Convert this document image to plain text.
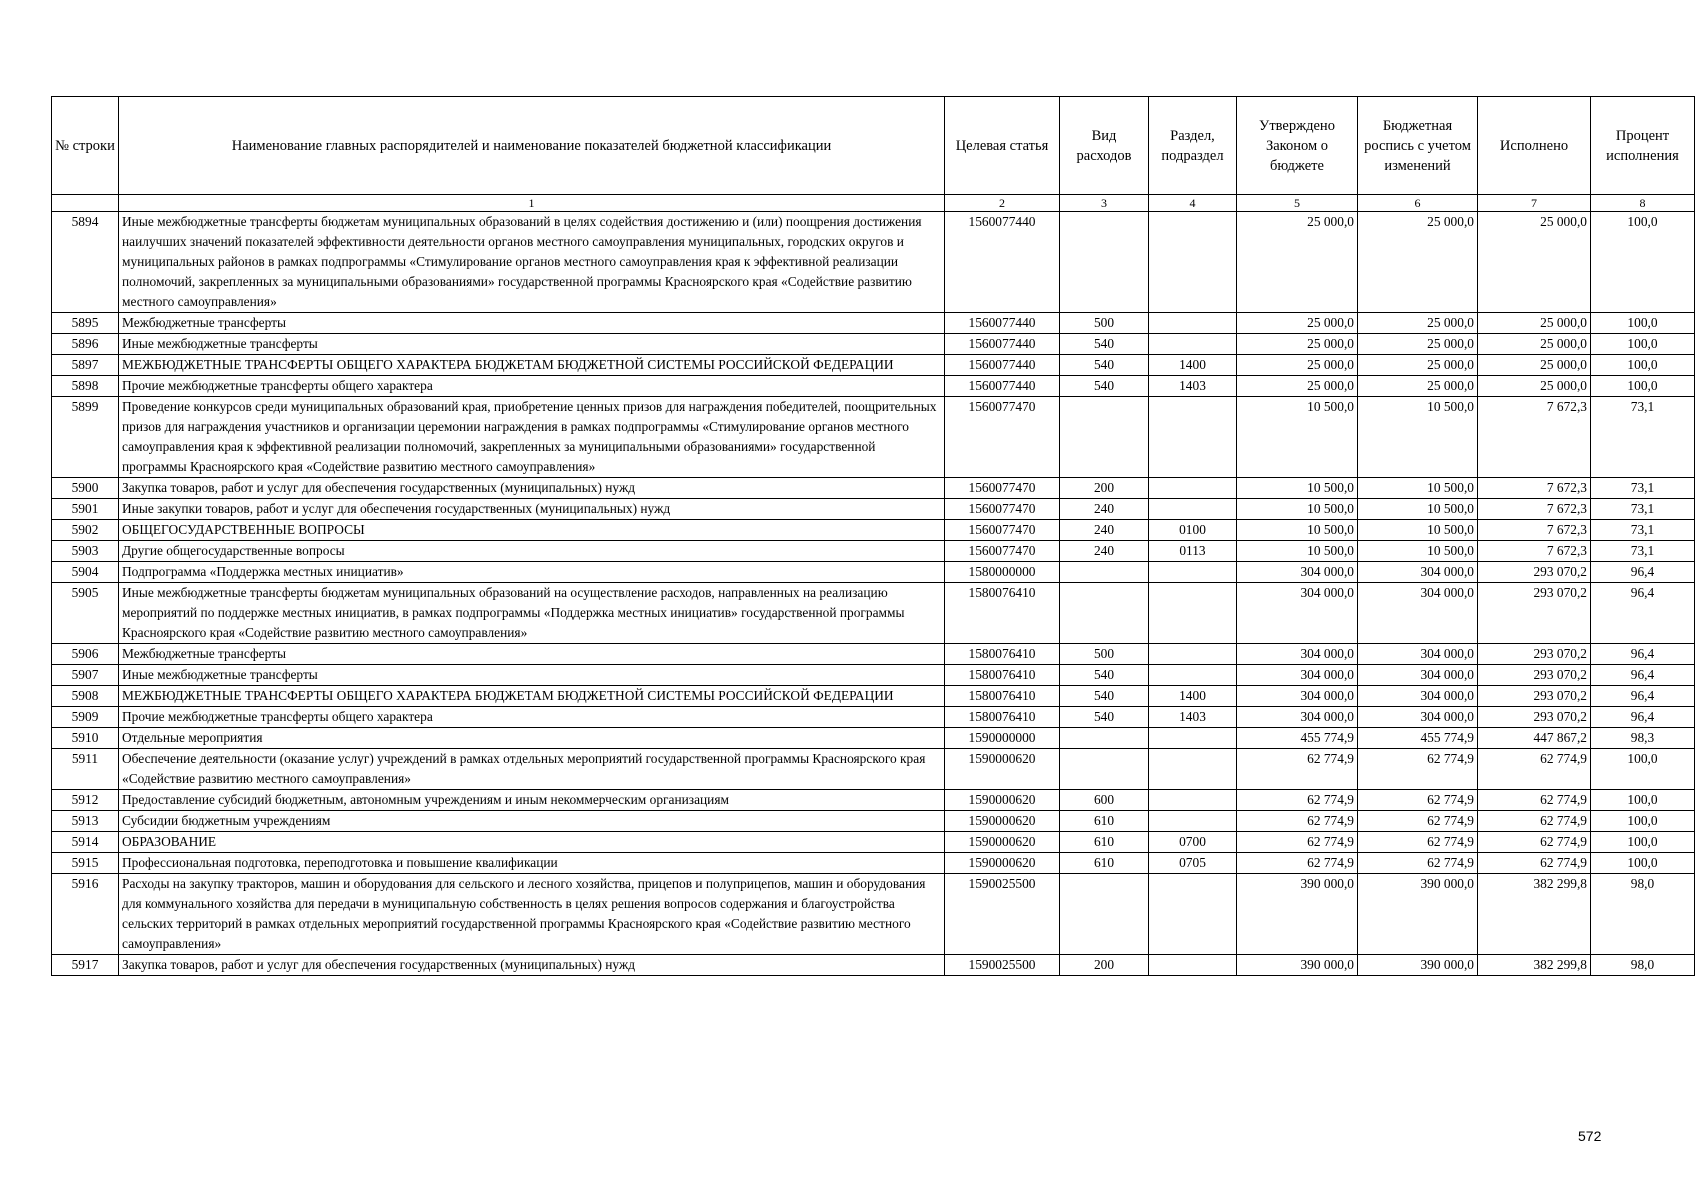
№ строки	Наименование главных распорядителей и наименование показателей бюджетной классификации	Целевая статья	Вид расходов	Раздел, подраздел	Утверждено Законом о бюджете	Бюджетная роспись с учетом изменений	Исполнено	Процент исполнения
	1	2	3	4	5	6	7	8
5894	Иные межбюджетные трансферты бюджетам муниципальных образований в целях содействия достижению и (или) поощрения достижения наилучших значений показателей эффективности деятельности органов местного самоуправления муниципальных, городских округов и муниципальных районов в рамках подпрограммы «Стимулирование органов местного самоуправления края к эффективной реализации полномочий, закрепленных за муниципальными образованиями» государственной программы Красноярского края «Содействие развитию местного самоуправления»	1560077440			25 000,0	25 000,0	25 000,0	100,0
5895	Межбюджетные трансферты	1560077440	500		25 000,0	25 000,0	25 000,0	100,0
5896	Иные межбюджетные трансферты	1560077440	540		25 000,0	25 000,0	25 000,0	100,0
5897	МЕЖБЮДЖЕТНЫЕ ТРАНСФЕРТЫ ОБЩЕГО ХАРАКТЕРА БЮДЖЕТАМ БЮДЖЕТНОЙ СИСТЕМЫ РОССИЙСКОЙ ФЕДЕРАЦИИ	1560077440	540	1400	25 000,0	25 000,0	25 000,0	100,0
5898	Прочие межбюджетные трансферты общего характера	1560077440	540	1403	25 000,0	25 000,0	25 000,0	100,0
5899	Проведение конкурсов среди муниципальных образований края, приобретение ценных призов для награждения победителей, поощрительных призов для награждения участников и организации церемонии награждения в рамках подпрограммы «Стимулирование органов местного самоуправления края к эффективной реализации полномочий, закрепленных за муниципальными образованиями» государственной программы Красноярского края «Содействие развитию местного самоуправления»	1560077470			10 500,0	10 500,0	7 672,3	73,1
5900	Закупка товаров, работ и услуг для обеспечения государственных (муниципальных) нужд	1560077470	200		10 500,0	10 500,0	7 672,3	73,1
5901	Иные закупки товаров, работ и услуг для обеспечения государственных (муниципальных) нужд	1560077470	240		10 500,0	10 500,0	7 672,3	73,1
5902	ОБЩЕГОСУДАРСТВЕННЫЕ ВОПРОСЫ	1560077470	240	0100	10 500,0	10 500,0	7 672,3	73,1
5903	Другие общегосударственные вопросы	1560077470	240	0113	10 500,0	10 500,0	7 672,3	73,1
5904	Подпрограмма «Поддержка местных инициатив»	1580000000			304 000,0	304 000,0	293 070,2	96,4
5905	Иные межбюджетные трансферты бюджетам муниципальных образований на осуществление расходов, направленных на реализацию мероприятий по поддержке местных инициатив, в рамках подпрограммы «Поддержка местных инициатив» государственной программы Красноярского края «Содействие развитию местного самоуправления»	1580076410			304 000,0	304 000,0	293 070,2	96,4
5906	Межбюджетные трансферты	1580076410	500		304 000,0	304 000,0	293 070,2	96,4
5907	Иные межбюджетные трансферты	1580076410	540		304 000,0	304 000,0	293 070,2	96,4
5908	МЕЖБЮДЖЕТНЫЕ ТРАНСФЕРТЫ ОБЩЕГО ХАРАКТЕРА БЮДЖЕТАМ БЮДЖЕТНОЙ СИСТЕМЫ РОССИЙСКОЙ ФЕДЕРАЦИИ	1580076410	540	1400	304 000,0	304 000,0	293 070,2	96,4
5909	Прочие межбюджетные трансферты общего характера	1580076410	540	1403	304 000,0	304 000,0	293 070,2	96,4
5910	Отдельные мероприятия	1590000000			455 774,9	455 774,9	447 867,2	98,3
5911	Обеспечение деятельности (оказание услуг) учреждений в рамках отдельных мероприятий государственной программы Красноярского края «Содействие развитию местного самоуправления»	1590000620			62 774,9	62 774,9	62 774,9	100,0
5912	Предоставление субсидий бюджетным, автономным учреждениям и иным некоммерческим организациям	1590000620	600		62 774,9	62 774,9	62 774,9	100,0
5913	Субсидии бюджетным учреждениям	1590000620	610		62 774,9	62 774,9	62 774,9	100,0
5914	ОБРАЗОВАНИЕ	1590000620	610	0700	62 774,9	62 774,9	62 774,9	100,0
5915	Профессиональная подготовка, переподготовка и повышение квалификации	1590000620	610	0705	62 774,9	62 774,9	62 774,9	100,0
5916	Расходы на закупку тракторов, машин и оборудования для сельского и лесного хозяйства, прицепов и полуприцепов, машин и оборудования для коммунального хозяйства для передачи в муниципальную собственность в целях решения вопросов содержания и благоустройства сельских территорий в рамках отдельных мероприятий государственной программы Красноярского края «Содействие развитию местного самоуправления»	1590025500			390 000,0	390 000,0	382 299,8	98,0
5917	Закупка товаров, работ и услуг для обеспечения государственных (муниципальных) нужд	1590025500	200		390 000,0	390 000,0	382 299,8	98,0
572
